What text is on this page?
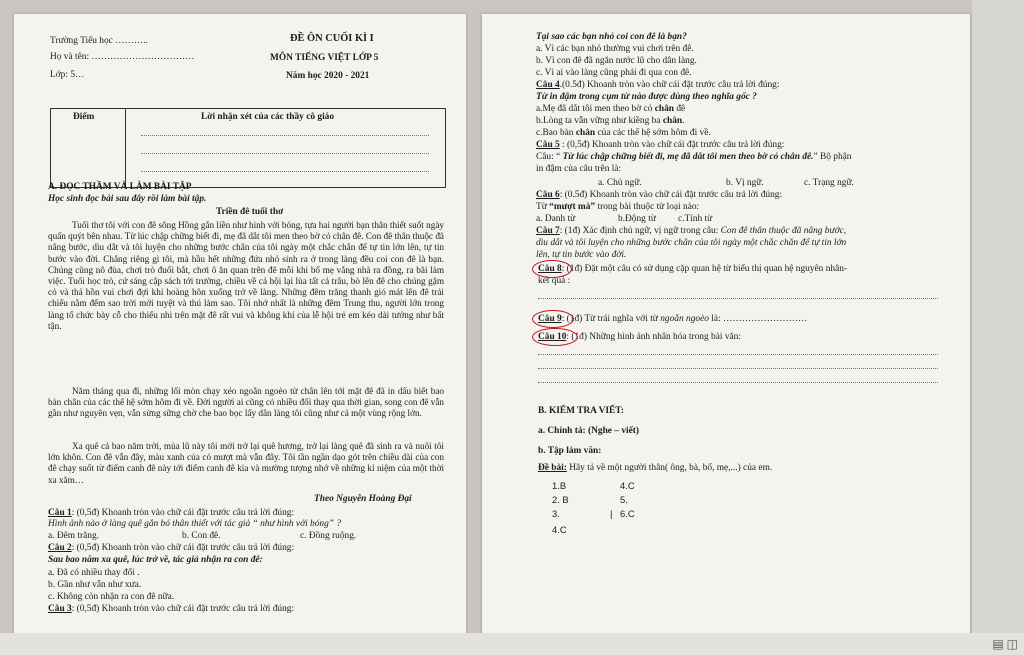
Trường Tiểu học ………..
Họ và tên: ……………………………
Lớp: 5…
ĐỀ ÔN CUỐI KÌ I
MÔN TIẾNG VIỆT LỚP 5
Năm học 2020 - 2021
Điểm	Lời nhận xét của các thầy cô giáo
A. ĐỌC THẦM VÀ LÀM BÀI TẬP
Học sinh đọc bài sau đây rồi làm bài tập.
Triền đê tuổi thơ
Tuổi thơ tôi với con đê sông Hồng gắn liền như hình với bóng, tựa hai người bạn thân thiết suốt ngày quấn quýt bên nhau. Từ lúc chập chững biết đi, mẹ đã dắt tôi men theo bờ cỏ chân đê. Con đê thân thuộc đã nâng bước, dìu dắt và tôi luyện cho những bước chân của tôi ngày một chắc chắn để tự tin lớn lên, tự tin bước vào đời. Chẳng riêng gì tôi, mà hầu hết những đứa nhỏ sinh ra ở trong làng đều coi con đê là bạn. Chúng cũng nô đùa, chơi trò đuổi bắt, chơi ô ăn quan trên đê mỗi khi bố mẹ vắng nhà ra đồng, ra bãi làm việc. Tuổi học trò, cứ sáng cặp sách tới trường, chiều về cả hội lại lùa tất cả trâu, bò lên đê cho chúng gặm cỏ và thả hồn vui chơi đợi khi hoàng hôn xuống trở về làng. Những đêm trăng thanh gió mát lên đê trải chiếu nằm đếm sao trời mới tuyệt và thú làm sao. Tôi nhớ nhất là những đêm Trung thu, người lớn trong làng tổ chức bày cỗ cho thiếu nhi trên mặt đê rất vui và không khí của lễ hội trẻ em kéo dài tưởng như bất tận.
Năm tháng qua đi, những lối mòn chạy xéo ngoằn ngoèo từ chân lên tới mặt đê đã in dấu biết bao bàn chân của các thế hệ sớm hôm đi về. Đời người ai cũng có nhiều đổi thay qua thời gian, song con đê vẫn gần như nguyên vẹn, vẫn sừng sững chờ che bao bọc lấy dân làng tôi cũng như cả một vùng rộng lớn.
Xa quê cả bao năm trời, mùa lũ này tôi mới trở lại quê hương, trở lại làng quê đã sinh ra và nuôi tôi lớn khôn. Con đê vẫn đây, màu xanh của cỏ mượt mà vẫn đây. Tôi tần ngần dạo gót trên chiều dài của con đê chạy suốt từ điếm canh đê này tới điếm canh đê kia và mường tượng nhớ về những kỉ niệm của một thời xa xăm…
Theo Nguyễn Hoàng Đại
Câu 1: (0,5đ) Khoanh tròn vào chữ cái đặt trước câu trả lời đúng:
Hình ảnh nào ở làng quê gắn bó thân thiết với tác giả “ như hình với bóng” ?
a. Đêm trăng.	b. Con đê.	c. Đồng ruộng.
Câu 2: (0,5đ) Khoanh tròn vào chữ cái đặt trước câu trả lời đúng:
Sau bao năm xa quê, lúc trở về, tác giả nhận ra con đê:
a. Đã có nhiều thay đổi .
b. Gần như vẫn như xưa.
c. Không còn nhận ra con đê nữa.
Câu 3: (0,5đ) Khoanh tròn vào chữ cái đặt trước câu trả lời đúng:
Tại sao các bạn nhỏ coi con đê là bạn?
a. Vì các bạn nhỏ thường vui chơi trên đê.
b. Vì con đê đã ngăn nước lũ cho dân làng.
c. Vì ai vào làng cũng phải đi qua con đê.
Câu 4.(0.5đ) Khoanh tròn vào chữ cái đặt trước câu trả lời đúng:
Từ in đậm trong cụm từ nào được dùng theo nghĩa gốc ?
a.Mẹ đã dắt tôi men theo bờ cỏ chân đê
b.Lòng ta vẫn vững như kiềng ba chân.
c.Bao bàn chân của các thế hệ sớm hôm đi về.
Câu 5 : (0,5đ) Khoanh tròn vào chữ cái đặt trước câu trả lời đúng:
Câu: “ Từ lúc chập chững biết đi, mẹ đã dắt tôi men theo bờ cỏ chân đê.” Bộ phận
in đậm của câu trên là:
a. Chủ ngữ.	b. Vị ngữ.	c. Trạng ngữ.
Câu 6: (0.5đ) Khoanh tròn vào chữ cái đặt trước câu trả lời đúng:
Từ “mượt mà” trong bài thuộc từ loại nào:
a. Danh từ	b.Động từ c.Tính từ
Câu 7: (1đ) Xác định chủ ngữ, vị ngữ trong câu: Con đê thân thuộc đã nâng bước,
dìu dắt và tôi luyện cho những bước chân của tôi ngày một chắc chắn để tự tin lớn
lên, tự tin bước vào đời.
Câu 8: (1đ) Đặt một câu có sử dụng cặp quan hệ từ biểu thị quan hệ nguyên nhân-
kết quả :
Câu 9: (1đ) Từ trái nghĩa với từ ngoằn ngoèo là: ………………………
Câu 10: (1đ) Những hình ảnh nhân hóa trong bài văn:
B. KIỂM TRA VIẾT:
a. Chính tả: (Nghe – viết)
b. Tập làm văn:
Đề bài: Hãy tả về một người thân( ông, bà, bố, mẹ,...) của em.
1.B	4.C
2. B	5.
3.	| 6.C
4.C
▤ ◫
